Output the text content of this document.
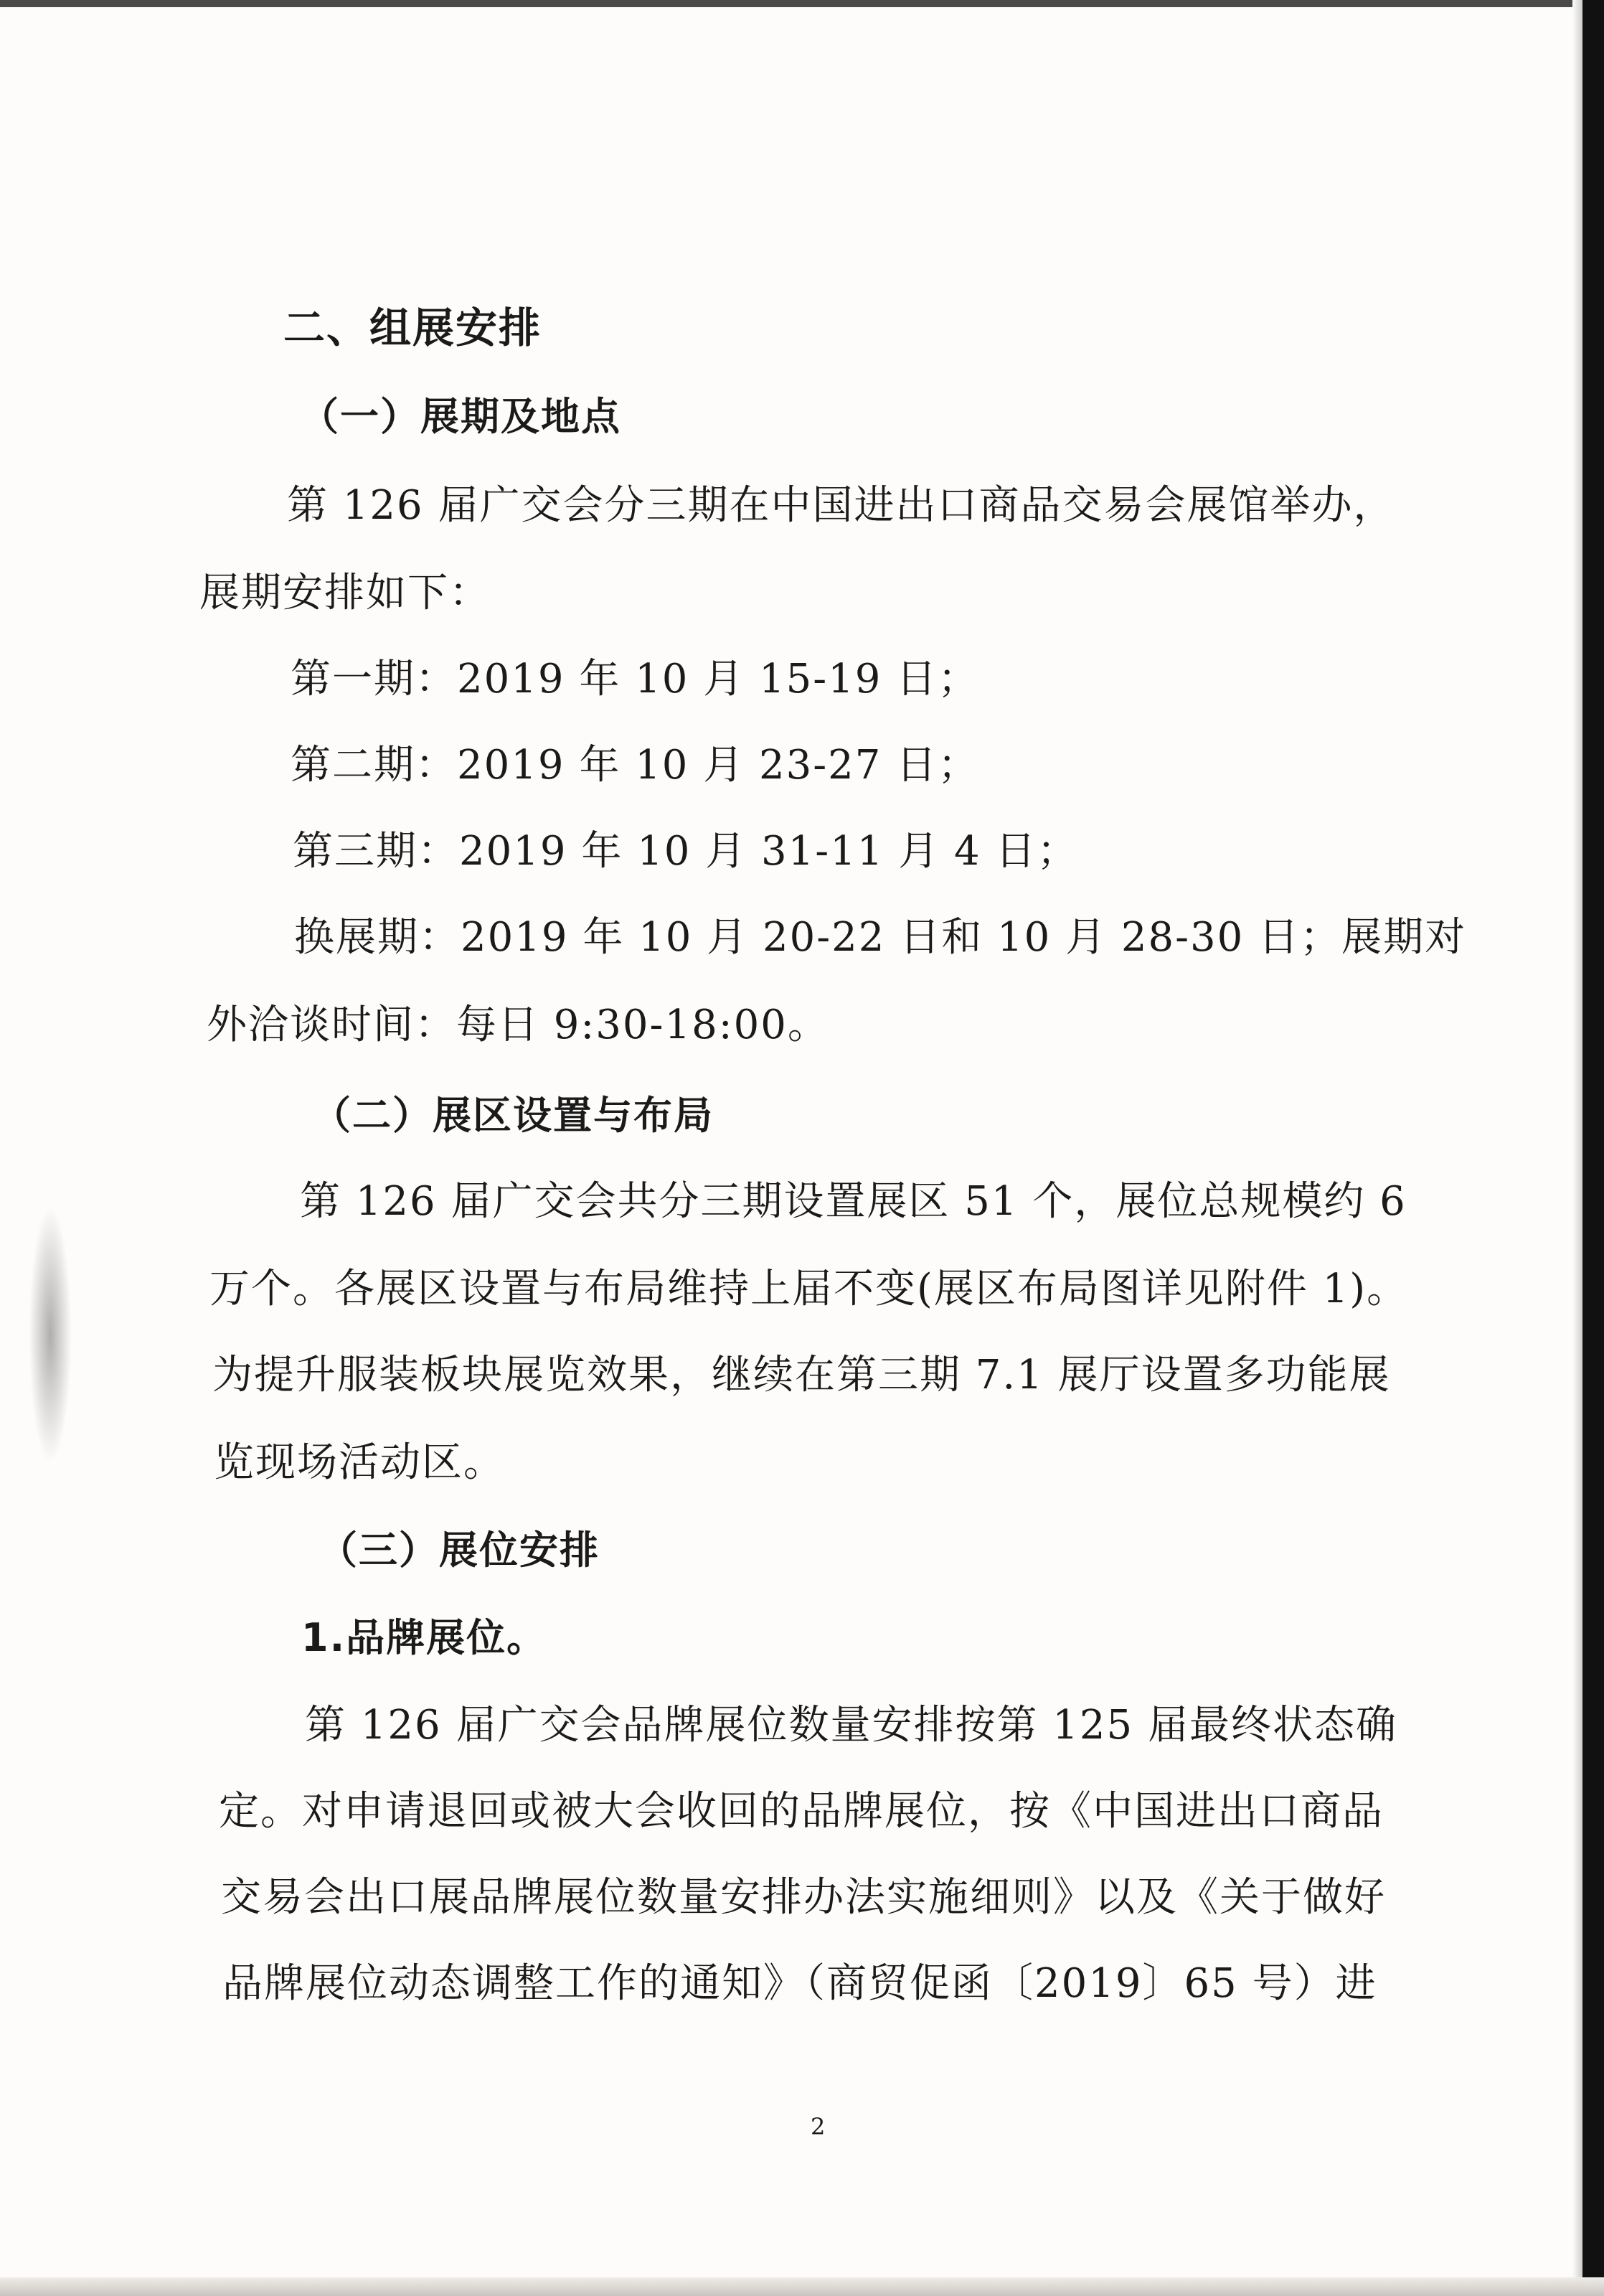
二、组展安排
（一）展期及地点
第 126 届广交会分三期在中国进出口商品交易会展馆举办，
展期安排如下：
第一期：2019 年 10 月 15-19 日；
第二期：2019 年 10 月 23-27 日；
第三期：2019 年 10 月 31-11 月 4 日；
换展期：2019 年 10 月 20-22 日和 10 月 28-30 日；展期对
外洽谈时间：每日 9:30-18:00。
（二）展区设置与布局
第 126 届广交会共分三期设置展区 51 个，展位总规模约 6
万个。各展区设置与布局维持上届不变(展区布局图详见附件 1)。
为提升服装板块展览效果，继续在第三期 7.1 展厅设置多功能展
览现场活动区。
（三）展位安排
1.品牌展位。
第 126 届广交会品牌展位数量安排按第 125 届最终状态确
定。对申请退回或被大会收回的品牌展位，按《中国进出口商品
交易会出口展品牌展位数量安排办法实施细则》以及《关于做好
品牌展位动态调整工作的通知》（商贸促函〔2019〕65 号）进
2
